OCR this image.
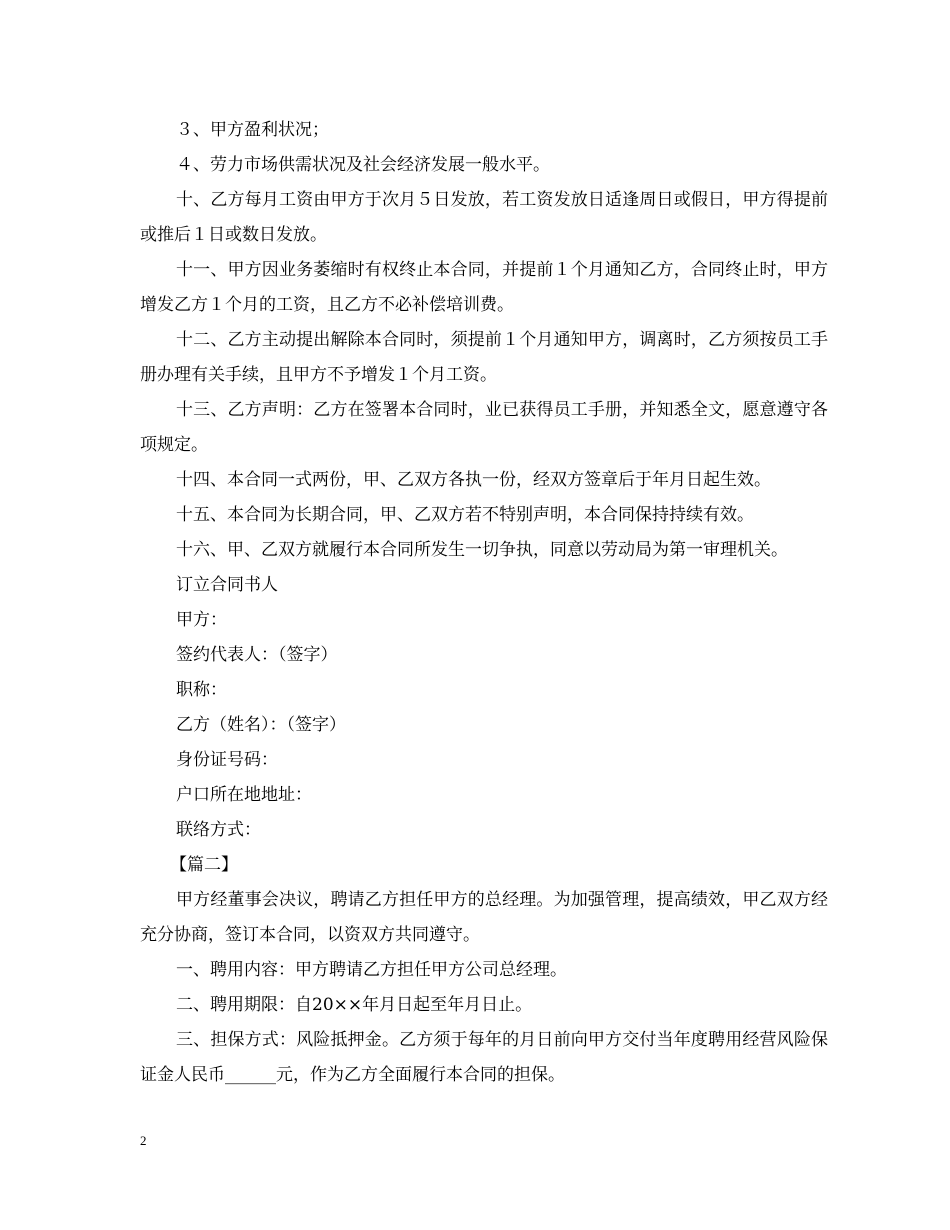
３、甲方盈利状况；

４、劳力市场供需状况及社会经济发展一般水平。

十、乙方每月工资由甲方于次月５日发放，若工资发放日适逢周日或假日，甲方得提前或推后１日或数日发放。

十一、甲方因业务萎缩时有权终止本合同，并提前１个月通知乙方，合同终止时，甲方增发乙方１个月的工资，且乙方不必补偿培训费。

十二、乙方主动提出解除本合同时，须提前１个月通知甲方，调离时，乙方须按员工手册办理有关手续，且甲方不予增发１个月工资。

十三、乙方声明：乙方在签署本合同时，业已获得员工手册，并知悉全文，愿意遵守各项规定。

十四、本合同一式两份，甲、乙双方各执一份，经双方签章后于年月日起生效。

十五、本合同为长期合同，甲、乙双方若不特别声明，本合同保持持续有效。

十六、甲、乙双方就履行本合同所发生一切争执，同意以劳动局为第一审理机关。

订立合同书人

甲方：

签约代表人：（签字）

职称：

乙方（姓名）：（签字）

身份证号码：

户口所在地地址：

联络方式：

【篇二】

甲方经董事会决议，聘请乙方担任甲方的总经理。为加强管理，提高绩效，甲乙双方经充分协商，签订本合同，以资双方共同遵守。

一、聘用内容：甲方聘请乙方担任甲方公司总经理。

二、聘用期限：自20××年月日起至年月日止。

三、担保方式：风险抵押金。乙方须于每年的月日前向甲方交付当年度聘用经营风险保证金人民币______元，作为乙方全面履行本合同的担保。

2
